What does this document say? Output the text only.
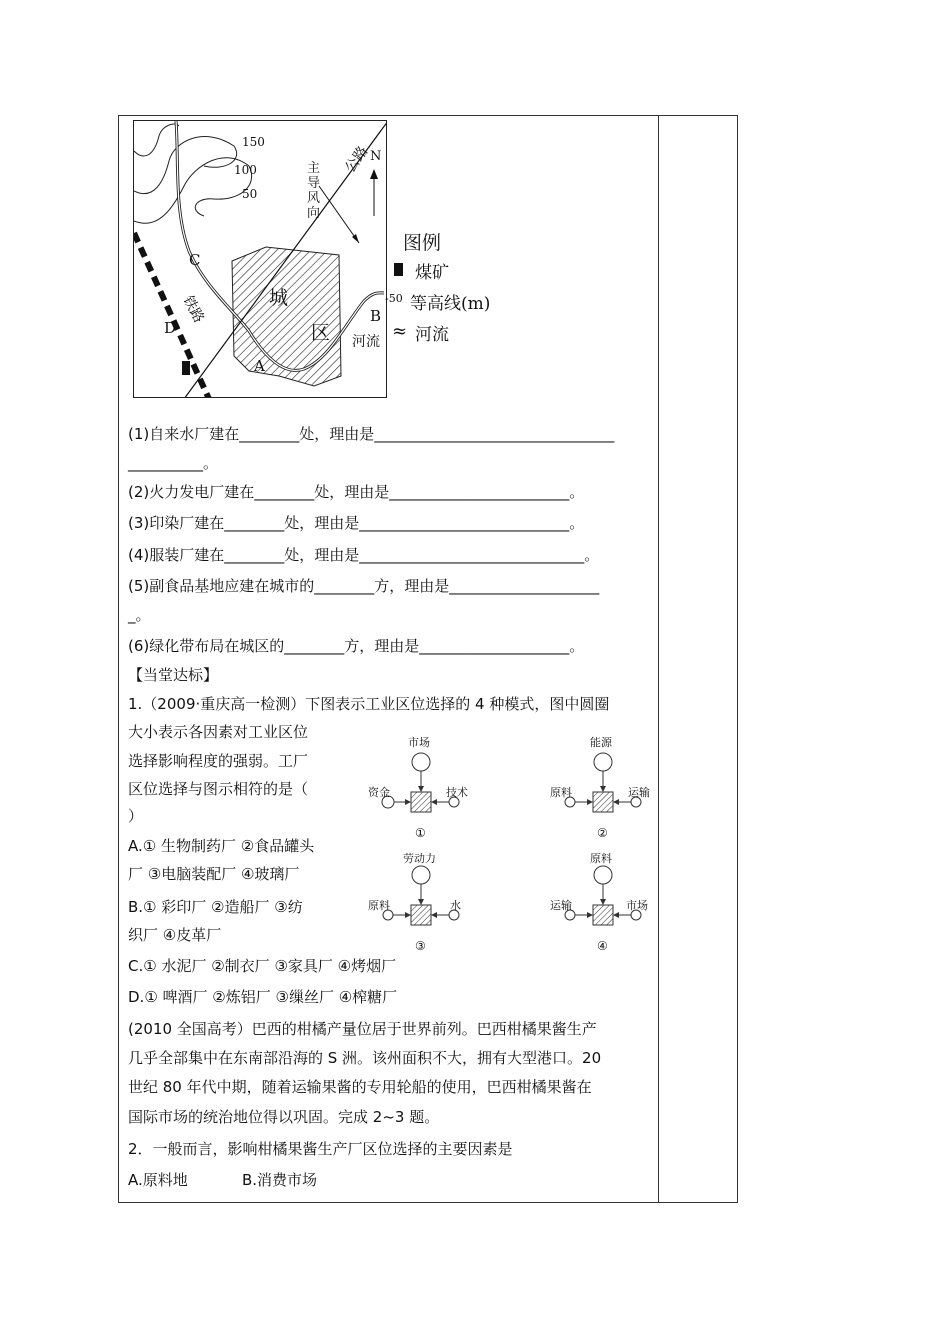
150
100
50
C
D
A
B
城
区
铁路
河流
主导风向
公路
N
图例
煤矿
-50 等高线(m)
≈ 河流
(1)自来水厂建在________处，理由是________________________________
__________。
(2)火力发电厂建在________处，理由是________________________。
(3)印染厂建在________处，理由是____________________________。
(4)服装厂建在________处，理由是______________________________。
(5)副食品基地应建在城市的________方，理由是____________________
_。
(6)绿化带布局在城区的________方，理由是____________________。
【当堂达标】
1.（2009·重庆高一检测）下图表示工业区位选择的 4 种模式，图中圆圈
大小表示各因素对工业区位
选择影响程度的强弱。工厂
区位选择与图示相符的是（
）
A.① 生物制药厂 ②食品罐头
厂 ③电脑装配厂 ④玻璃厂
B.① 彩印厂 ②造船厂 ③纺
织厂 ④皮革厂
C.① 水泥厂 ②制衣厂 ③家具厂 ④烤烟厂
D.① 啤酒厂 ②炼铝厂 ③缫丝厂 ④榨糖厂
市场
资金	技术
①
能源
原料	运输
②
劳动力
原料	水
③
原料
运输	市场
④
(2010 全国高考）巴西的柑橘产量位居于世界前列。巴西柑橘果酱生产
几乎全部集中在东南部沿海的 S 洲。该州面积不大，拥有大型港口。20
世纪 80 年代中期，随着运输果酱的专用轮船的使用，巴西柑橘果酱在
国际市场的统治地位得以巩固。完成 2~3 题。
2．一般而言，影响柑橘果酱生产厂区位选择的主要因素是
A.原料地	B.消费市场
